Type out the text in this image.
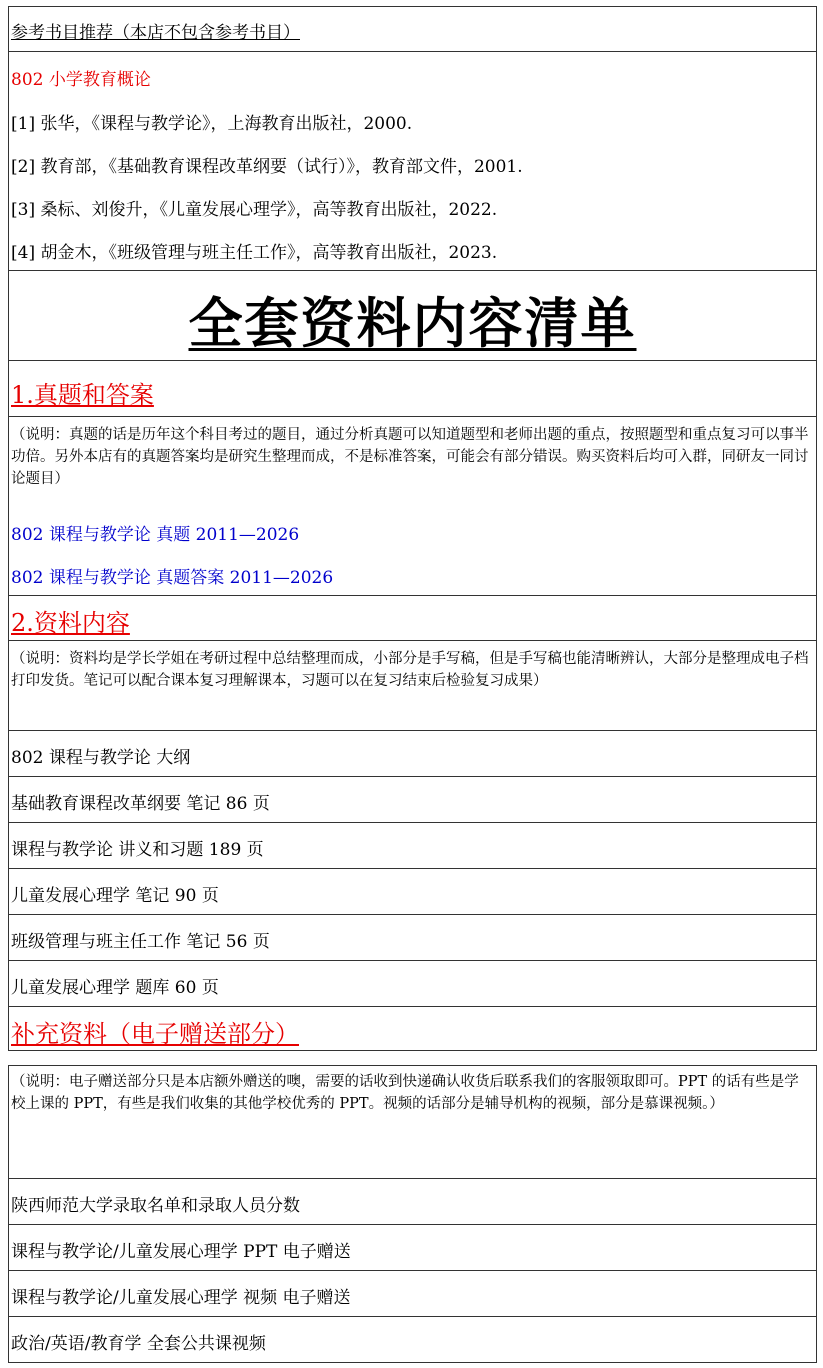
参考书目推荐（本店不包含参考书目）
802 小学教育概论
[1] 张华，《课程与教学论》，上海教育出版社，2000.
[2] 教育部，《基础教育课程改革纲要（试行）》，教育部文件，2001.
[3] 桑标、刘俊升，《儿童发展心理学》，高等教育出版社，2022.
[4] 胡金木，《班级管理与班主任工作》，高等教育出版社，2023.
全套资料内容清单
1.真题和答案
（说明：真题的话是历年这个科目考过的题目，通过分析真题可以知道题型和老师出题的重点，按照题型和重点复习可以事半功倍。另外本店有的真题答案均是研究生整理而成，不是标准答案，可能会有部分错误。购买资料后均可入群，同研友一同讨论题目）
802 课程与教学论 真题 2011—2026
802 课程与教学论 真题答案 2011—2026
2.资料内容
（说明：资料均是学长学姐在考研过程中总结整理而成，小部分是手写稿，但是手写稿也能清晰辨认，大部分是整理成电子档打印发货。笔记可以配合课本复习理解课本，习题可以在复习结束后检验复习成果）
802 课程与教学论 大纲
基础教育课程改革纲要 笔记 86 页
课程与教学论 讲义和习题 189 页
儿童发展心理学 笔记 90 页
班级管理与班主任工作 笔记 56 页
儿童发展心理学 题库 60 页
补充资料（电子赠送部分）
（说明：电子赠送部分只是本店额外赠送的噢，需要的话收到快递确认收货后联系我们的客服领取即可。PPT 的话有些是学校上课的 PPT，有些是我们收集的其他学校优秀的 PPT。视频的话部分是辅导机构的视频，部分是慕课视频。）
陕西师范大学录取名单和录取人员分数
课程与教学论/儿童发展心理学 PPT 电子赠送
课程与教学论/儿童发展心理学 视频 电子赠送
政治/英语/教育学 全套公共课视频
